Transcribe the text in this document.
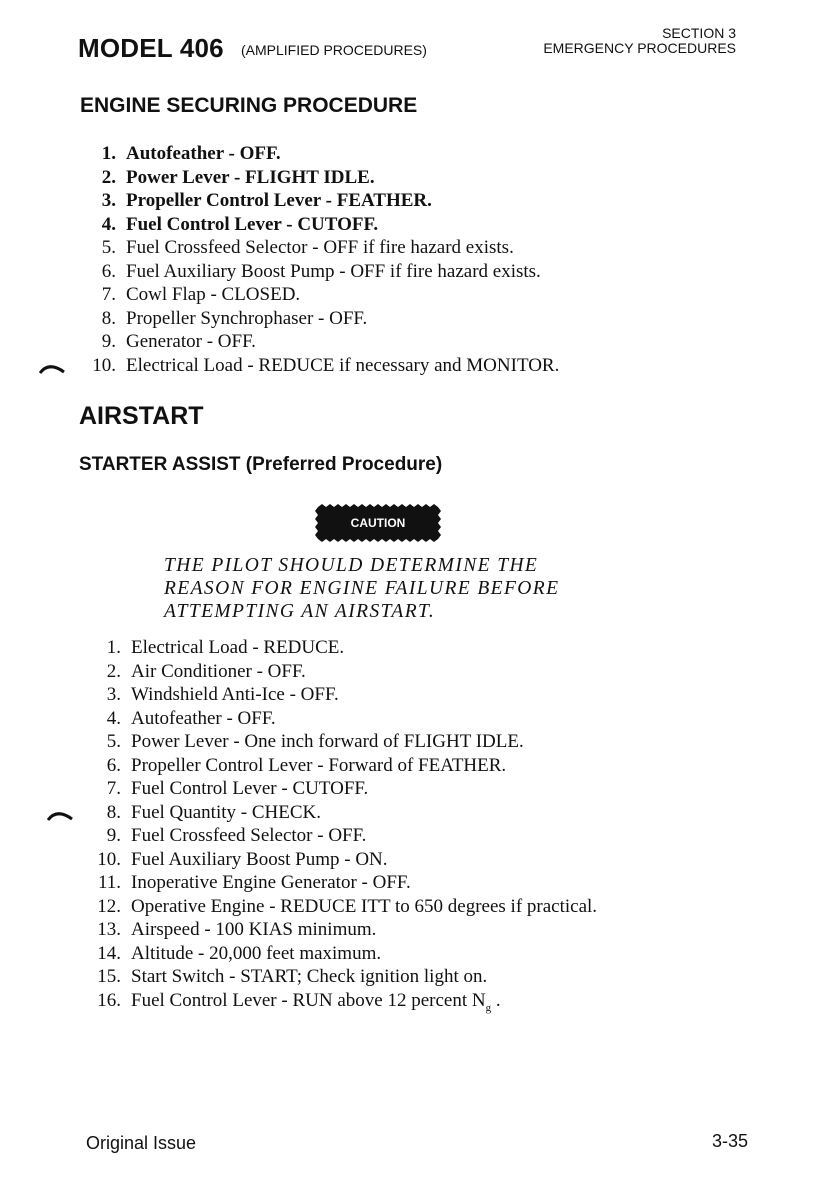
MODEL 406 (AMPLIFIED PROCEDURES)
SECTION 3
EMERGENCY PROCEDURES
ENGINE SECURING PROCEDURE
1. Autofeather - OFF.
2. Power Lever - FLIGHT IDLE.
3. Propeller Control Lever - FEATHER.
4. Fuel Control Lever - CUTOFF.
5. Fuel Crossfeed Selector - OFF if fire hazard exists.
6. Fuel Auxiliary Boost Pump - OFF if fire hazard exists.
7. Cowl Flap - CLOSED.
8. Propeller Synchrophaser - OFF.
9. Generator - OFF.
10. Electrical Load - REDUCE if necessary and MONITOR.
AIRSTART
STARTER ASSIST (Preferred Procedure)
CAUTION
THE PILOT SHOULD DETERMINE THE
REASON FOR ENGINE FAILURE BEFORE
ATTEMPTING AN AIRSTART.
1. Electrical Load - REDUCE.
2. Air Conditioner - OFF.
3. Windshield Anti-Ice - OFF.
4. Autofeather - OFF.
5. Power Lever - One inch forward of FLIGHT IDLE.
6. Propeller Control Lever - Forward of FEATHER.
7. Fuel Control Lever - CUTOFF.
8. Fuel Quantity - CHECK.
9. Fuel Crossfeed Selector - OFF.
10. Fuel Auxiliary Boost Pump - ON.
11. Inoperative Engine Generator - OFF.
12. Operative Engine - REDUCE ITT to 650 degrees if practical.
13. Airspeed - 100 KIAS minimum.
14. Altitude - 20,000 feet maximum.
15. Start Switch - START; Check ignition light on.
16. Fuel Control Lever - RUN above 12 percent $N_g$ .
Original Issue	3-35
